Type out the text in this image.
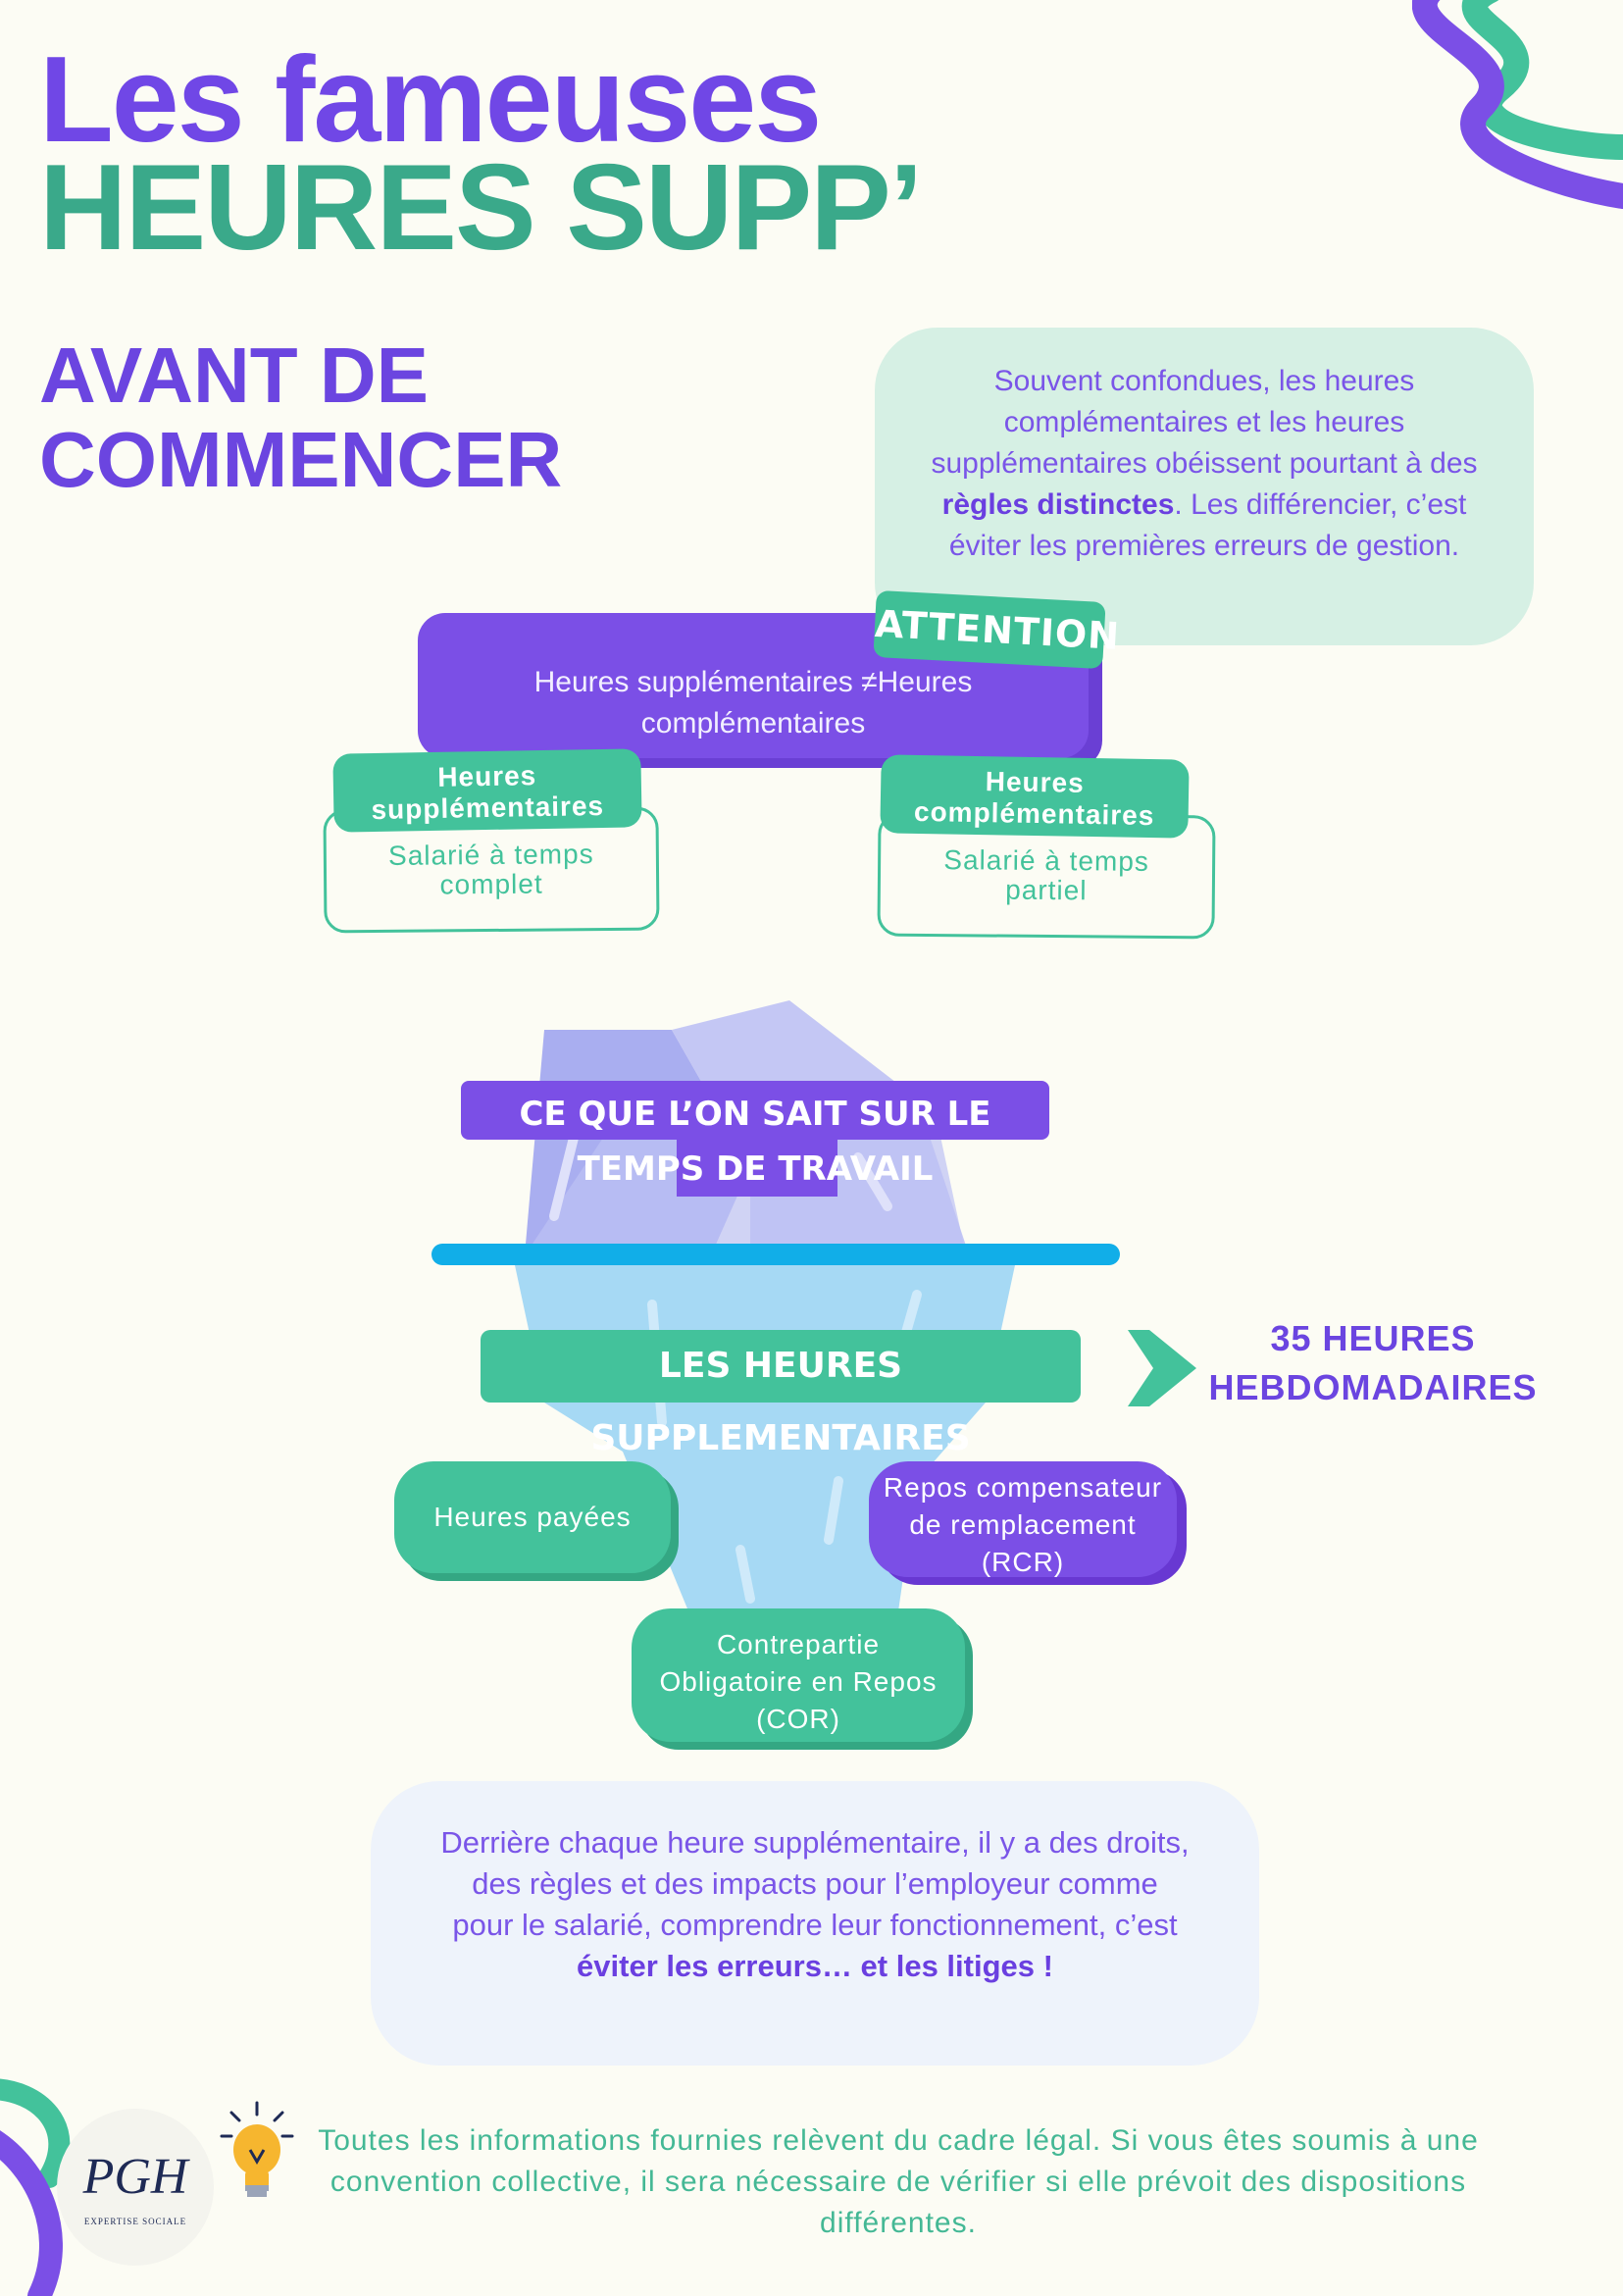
Les fameuses
HEURES SUPP’
AVANT DE COMMENCER
Souvent confondues, les heures complémentaires et les heures supplémentaires obéissent pourtant à des règles distinctes. Les différencier, c’est éviter les premières erreurs de gestion.
Heures supplémentaires ≠Heures complémentaires
ATTENTION
Salarié à temps complet
Heures supplémentaires
Salarié à temps partiel
Heures complémentaires
CE QUE L’ON SAIT SUR LE TEMPS DE TRAVAIL
LES HEURES SUPPLEMENTAIRES
35 HEURES HEBDOMADAIRES
Heures payées
Repos compensateur de remplacement (RCR)
Contrepartie Obligatoire en Repos (COR)
Derrière chaque heure supplémentaire, il y a des droits, des règles et des impacts pour l’employeur comme pour le salarié, comprendre leur fonctionnement, c’est éviter les erreurs… et les litiges !
PGH
EXPERTISE SOCIALE
Toutes les informations fournies relèvent du cadre légal. Si vous êtes soumis à une convention collective, il sera nécessaire de vérifier si elle prévoit des dispositions différentes.
